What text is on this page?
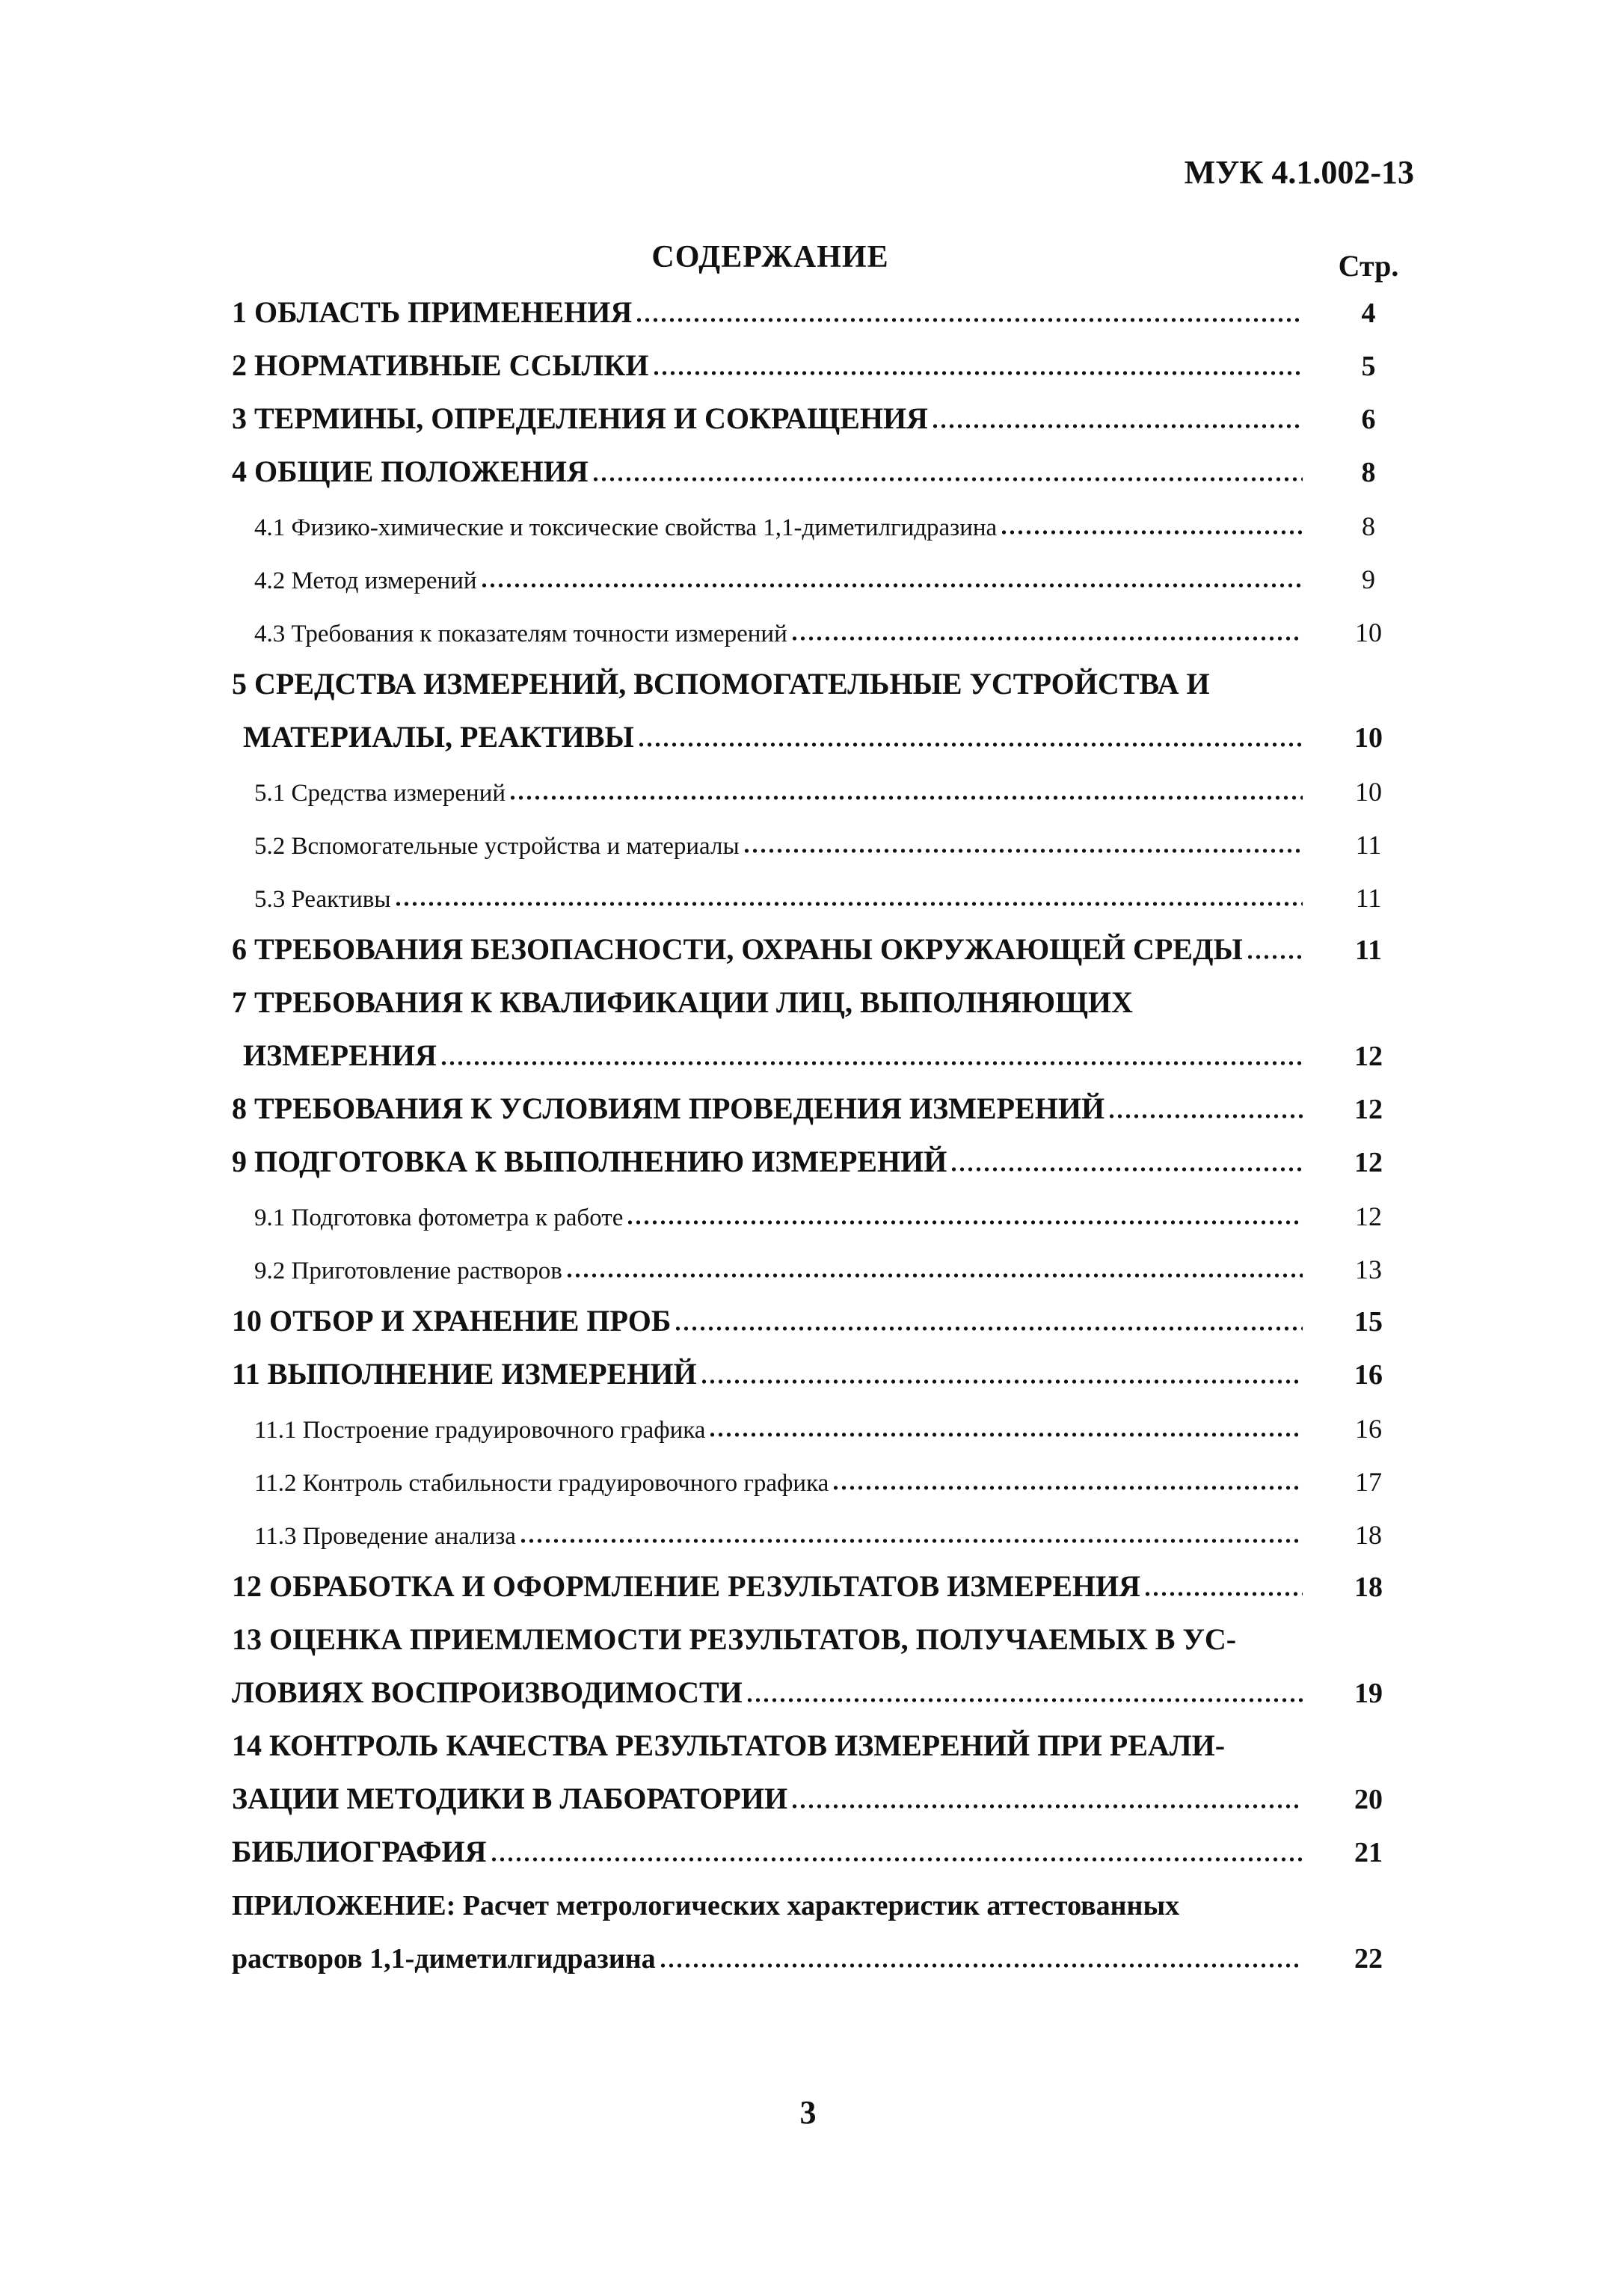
МУК 4.1.002-13
СОДЕРЖАНИЕ	Стр.
1 ОБЛАСТЬ ПРИМЕНЕНИЯ	4
2 НОРМАТИВНЫЕ ССЫЛКИ	5
3 ТЕРМИНЫ, ОПРЕДЕЛЕНИЯ И СОКРАЩЕНИЯ	6
4 ОБЩИЕ ПОЛОЖЕНИЯ	8
4.1 Физико-химические и токсические свойства 1,1-диметилгидразина	8
4.2 Метод измерений	9
4.3 Требования к показателям точности измерений	10
5 СРЕДСТВА ИЗМЕРЕНИЙ, ВСПОМОГАТЕЛЬНЫЕ УСТРОЙСТВА И
МАТЕРИАЛЫ, РЕАКТИВЫ	10
5.1 Средства измерений	10
5.2 Вспомогательные устройства и материалы	11
5.3 Реактивы	11
6 ТРЕБОВАНИЯ БЕЗОПАСНОСТИ, ОХРАНЫ ОКРУЖАЮЩЕЙ СРЕДЫ	11
7 ТРЕБОВАНИЯ К КВАЛИФИКАЦИИ ЛИЦ, ВЫПОЛНЯЮЩИХ
ИЗМЕРЕНИЯ	12
8 ТРЕБОВАНИЯ К УСЛОВИЯМ ПРОВЕДЕНИЯ ИЗМЕРЕНИЙ	12
9 ПОДГОТОВКА К ВЫПОЛНЕНИЮ ИЗМЕРЕНИЙ	12
9.1 Подготовка фотометра к работе	12
9.2 Приготовление растворов	13
10 ОТБОР И ХРАНЕНИЕ ПРОБ	15
11 ВЫПОЛНЕНИЕ ИЗМЕРЕНИЙ	16
11.1 Построение градуировочного графика	16
11.2 Контроль стабильности градуировочного графика	17
11.3 Проведение анализа	18
12 ОБРАБОТКА И ОФОРМЛЕНИЕ РЕЗУЛЬТАТОВ ИЗМЕРЕНИЯ	18
13 ОЦЕНКА ПРИЕМЛЕМОСТИ РЕЗУЛЬТАТОВ, ПОЛУЧАЕМЫХ В УС-
ЛОВИЯХ ВОСПРОИЗВОДИМОСТИ	19
14 КОНТРОЛЬ КАЧЕСТВА РЕЗУЛЬТАТОВ ИЗМЕРЕНИЙ ПРИ РЕАЛИ-
ЗАЦИИ МЕТОДИКИ В ЛАБОРАТОРИИ	20
БИБЛИОГРАФИЯ	21
ПРИЛОЖЕНИЕ: Расчет метрологических характеристик аттестованных
растворов 1,1-диметилгидразина	22
3
